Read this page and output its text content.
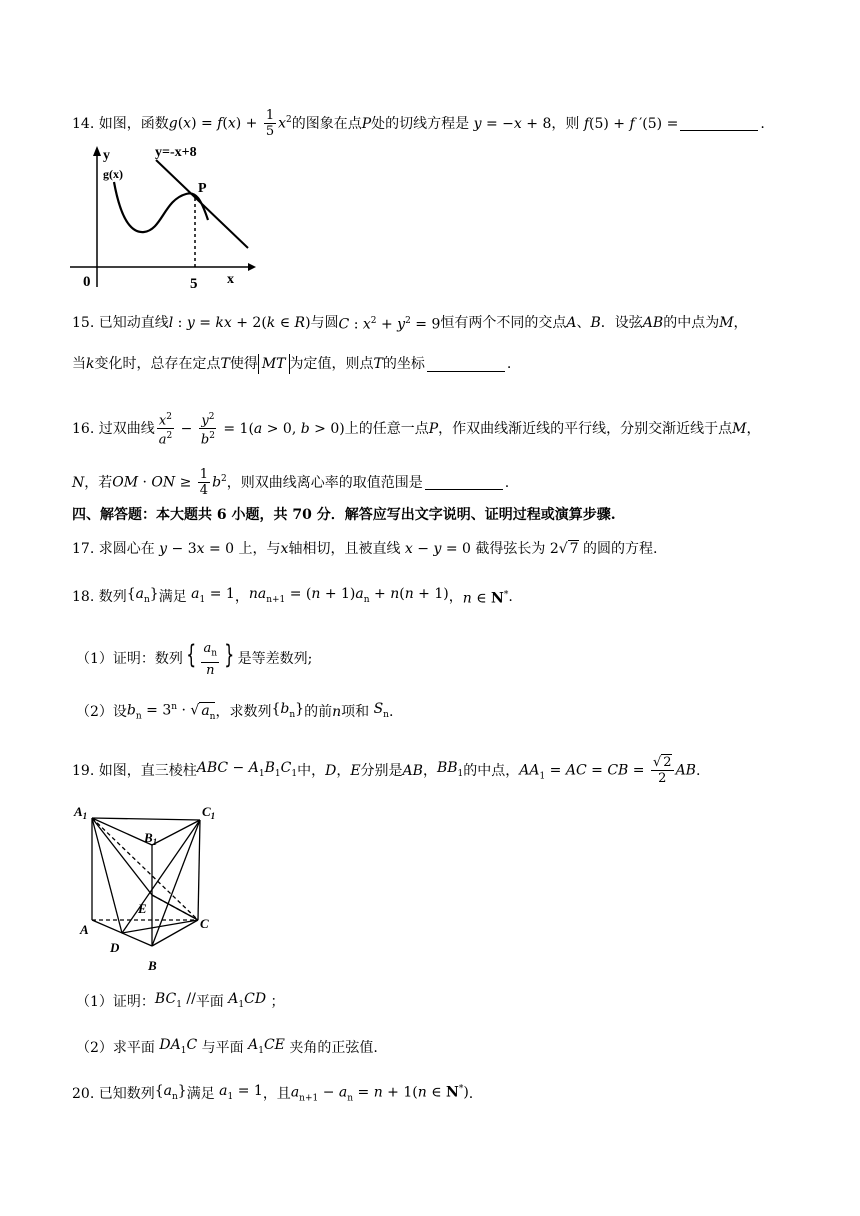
14.
如图，函数 $g(x) = f(x) + \frac{1}{5} x^2$ 的图象在点 P 处的切线方程是 y = −x + 8 ，则 f(5) + f ′(5) =	.
y=-x+8
y
g(x)
P
0	5 x
15.
已知动直线 l : y = kx + 2(k ∈ R) 与圆 C : $x^2 + y^2 = 9$ 恒有两个不同的交点 A 、 B ．设弦 AB 的中点为 M ，
当 k 变化时，总存在定点 T 使得 MT 为定值，则点 T 的坐标	.
16.
过双曲线 $\frac{x^2}{a^2} - \frac{y^2}{b^2} = 1(a > 0$, b > 0) 上的任意一点 P ，作双曲线渐近线的平行线，分别交渐近线于点 M ，
N ，若 OM · ON ≥ $\frac{1}{4} b^2$ ，则双曲线离心率的取值范围是	.
四、解答题：本大题共 6 小题，共 70 分．解答应写出文字说明、证明过程或演算步骤.
17.
求圆心在 y − 3x = 0 上，与 x 轴相切，且被直线 x − y = 0 截得弦长为 2√ 7 的圆的方程.
18.
数列 $\{a_n\}$ 满足 $a_1 = 1$ ， $na_{n+1} = (n + 1)a_n + n(n + 1)$ ， n ∈ N* .
（1）证明：数列 { $\frac{a_n}{n}$ } 是等差数列;
（2）设 $b_n = 3^n$ · √ $a_n$ ，求数列 $\{b_n\}$ 的前 n 项和 $S_n$ .
19.
如图，直三棱柱 ABC − $A_1B_1C_1$ 中， D ， E 分别是 AB ， $BB_1$ 的中点， $AA_1$ = AC = CB = $\frac{√ 2}{2}$ AB .
$A_1$	$C_1$
$B_1$
E
A	C
D
B
（1）证明： $BC_1$ // 平面 $A_1CD$ ；
（2）求平面 $DA_1C$ 与平面 $A_1CE$ 夹角的正弦值.
20.
已知数列 $\{a_n\}$ 满足 $a_1 = 1$ ，且 $a_{n+1} - a_n = n + 1(n$ ∈ N*) .
